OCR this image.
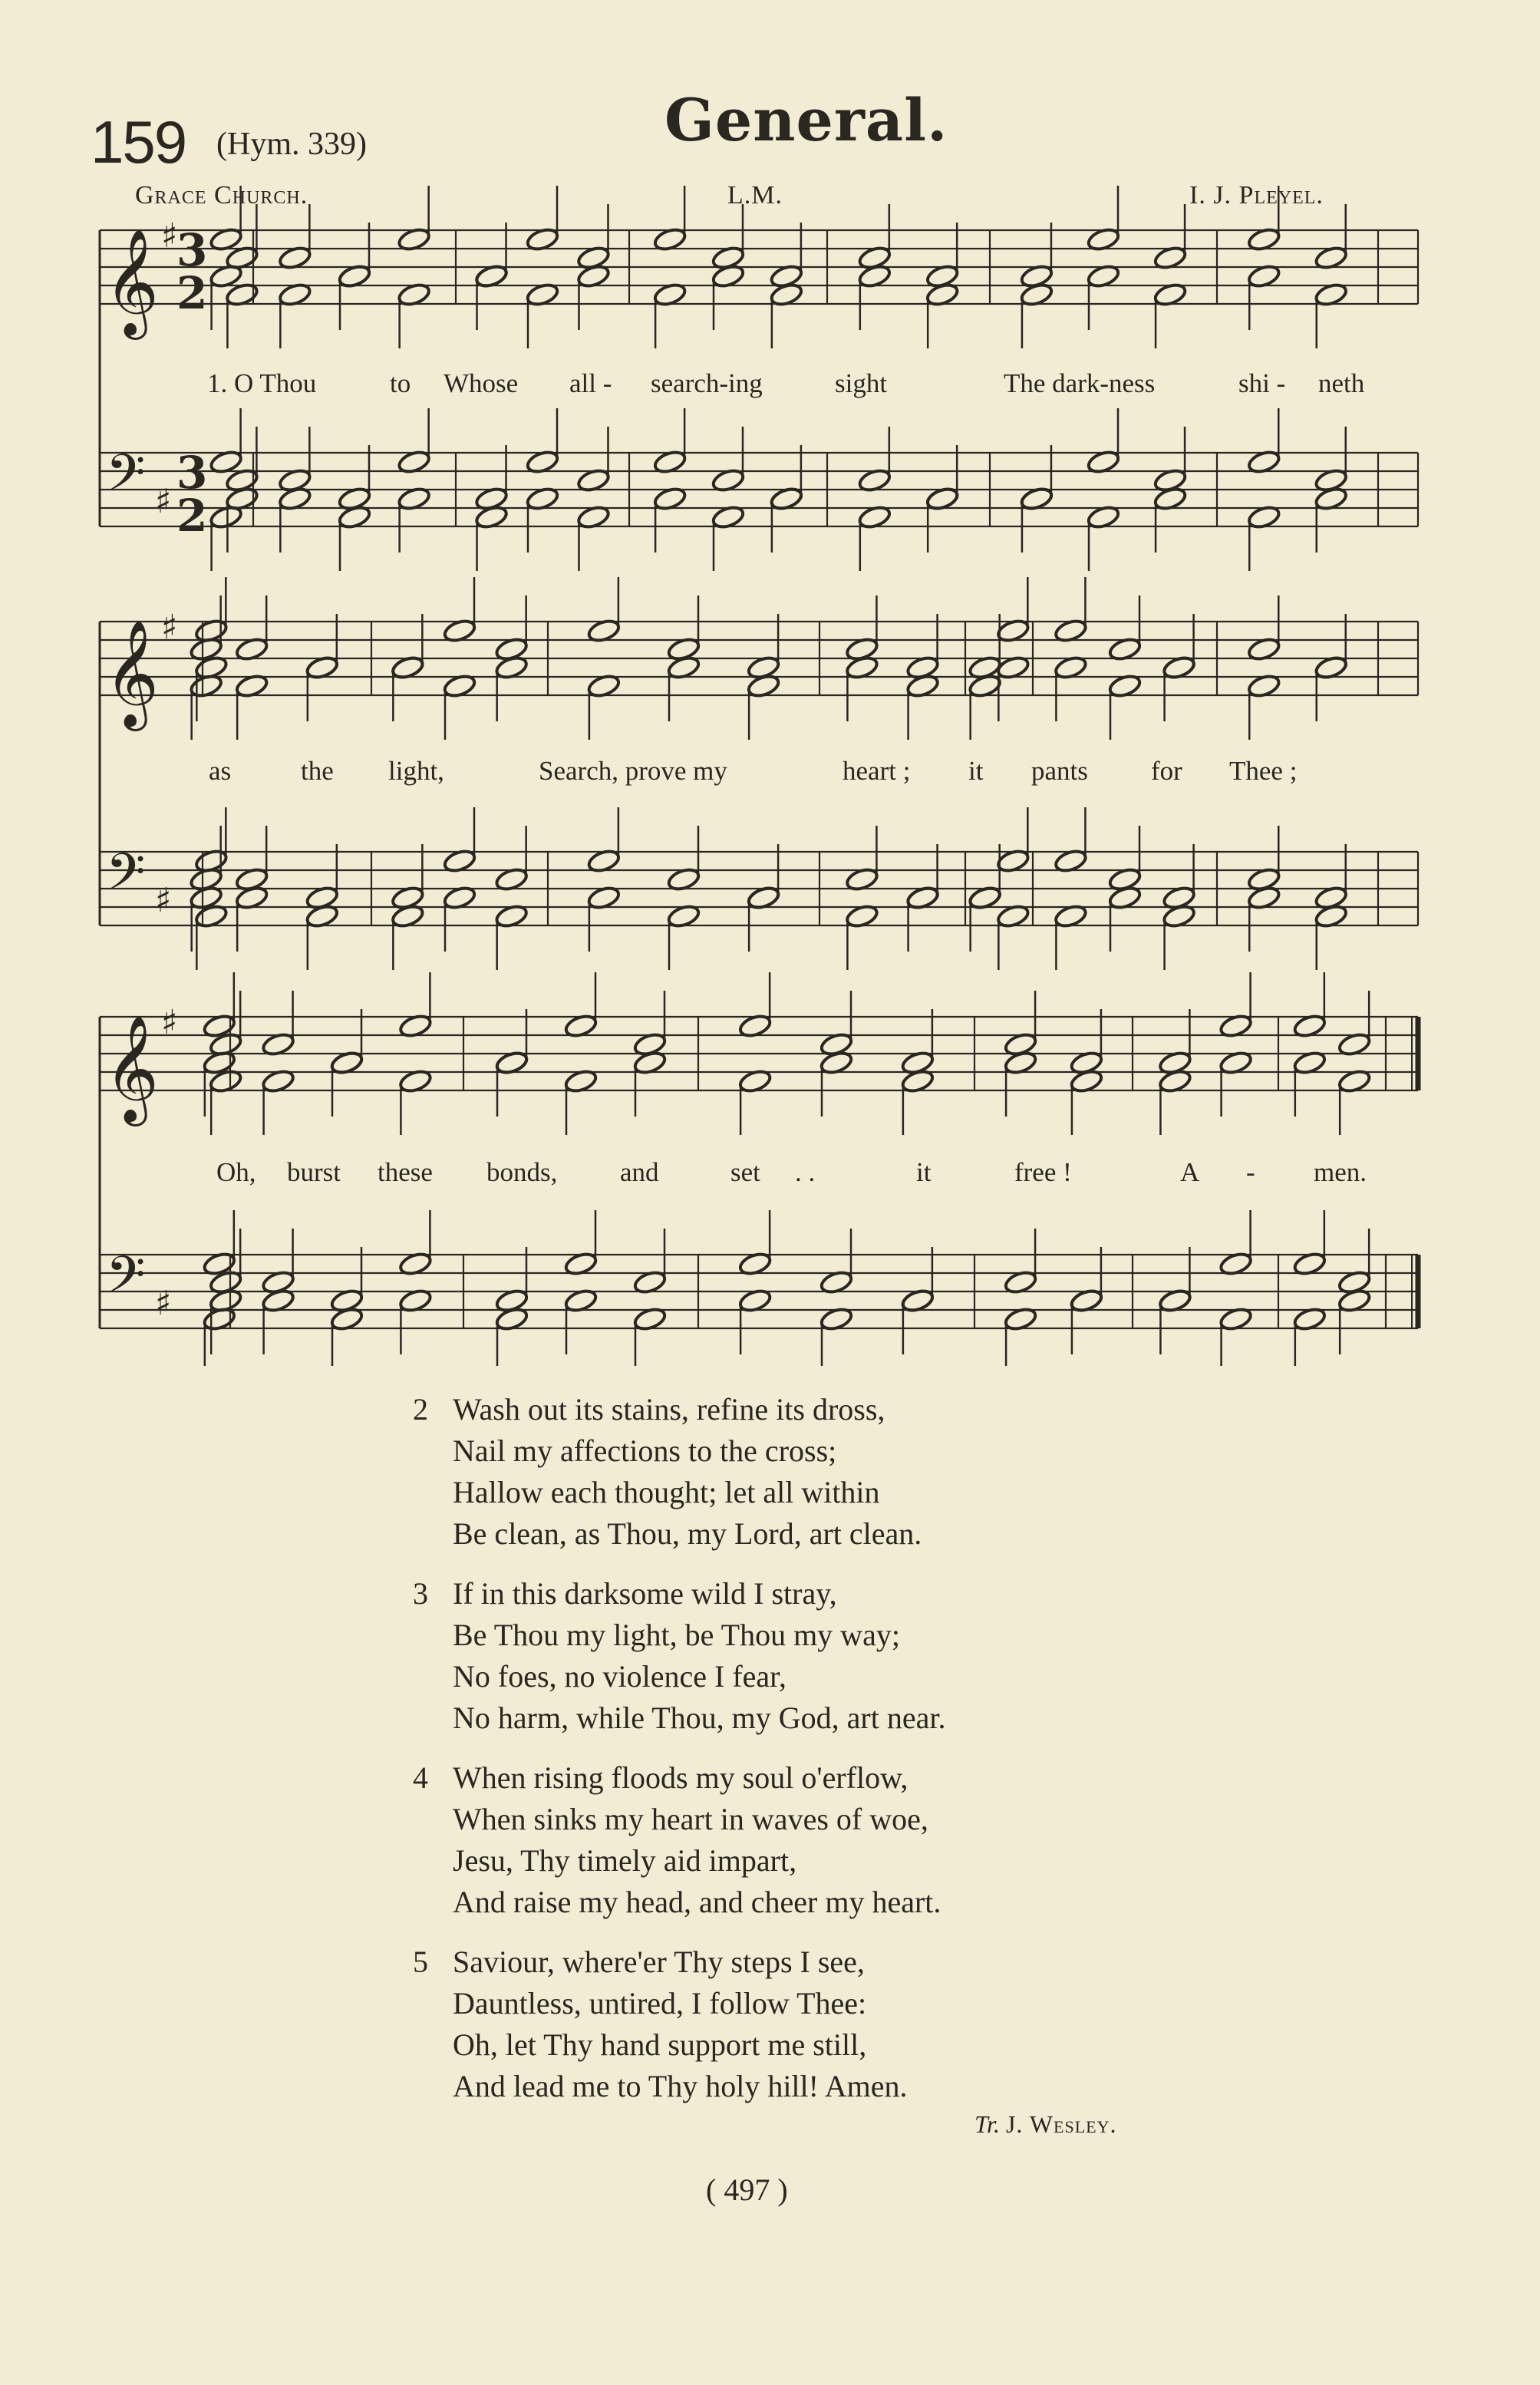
159 (Hym. 339)	General.
Grace Church.	L.M.	I. J. Pleyel.
𝄞 ♯
3
2
𝄢 ♯
3
2
𝄞 ♯
𝄢 ♯
𝄞 ♯
𝄢 ♯
1. O Thou	to Whose all - search-ing	sight	The dark-ness	shi - neth
as	the light,	Search, prove my	heart ; it pants for Thee ;
Oh, burst these bonds, and	set . .	it	free !	A - men.
2 Wash out its stains, refine its dross,
Nail my affections to the cross;
Hallow each thought; let all within
Be clean, as Thou, my Lord, art clean.
3 If in this darksome wild I stray,
Be Thou my light, be Thou my way;
No foes, no violence I fear,
No harm, while Thou, my God, art near.
4 When rising floods my soul o'erflow,
When sinks my heart in waves of woe,
Jesu, Thy timely aid impart,
And raise my head, and cheer my heart.
5 Saviour, where'er Thy steps I see,
Dauntless, untired, I follow Thee:
Oh, let Thy hand support me still,
And lead me to Thy holy hill! Amen.
Tr. J. Wesley.
( 497 )
